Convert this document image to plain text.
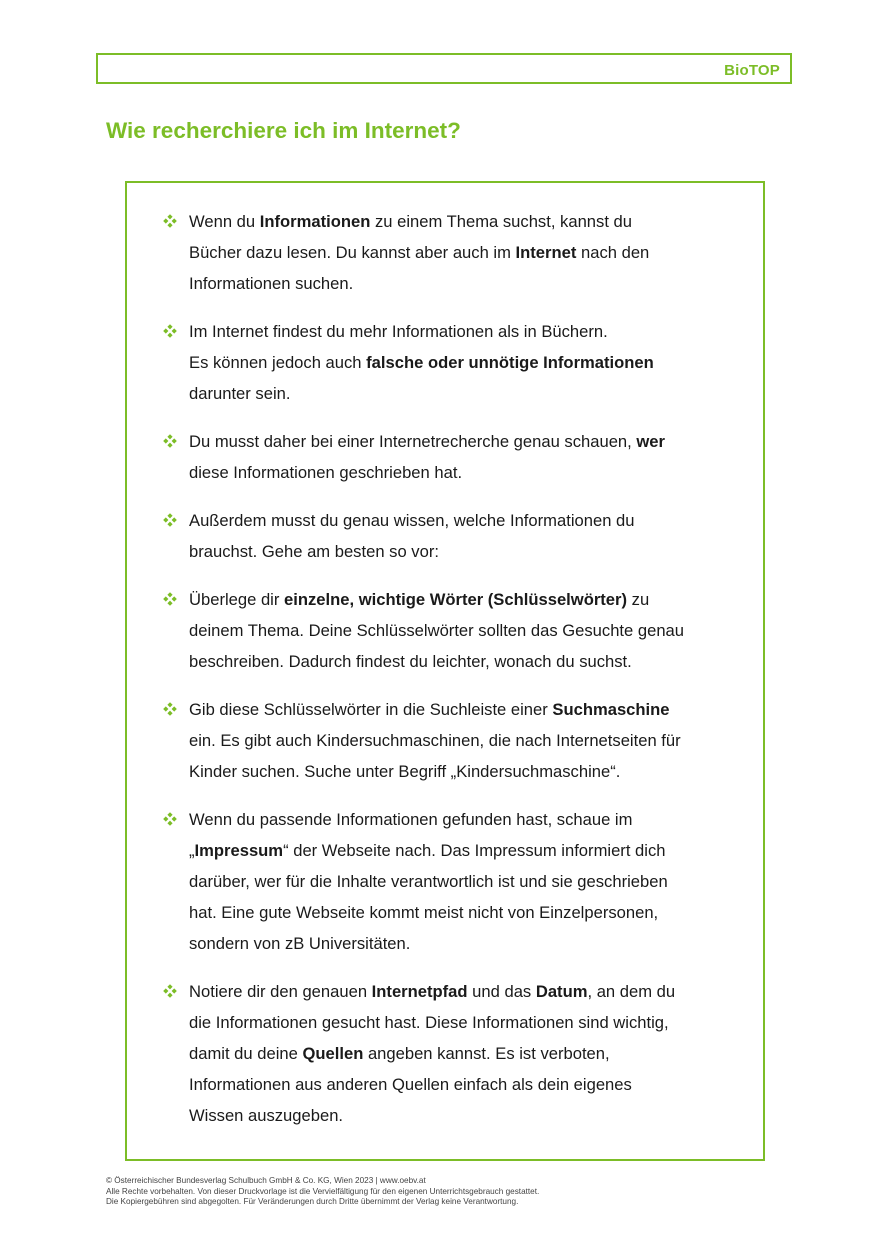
BioTOP
Wie recherchiere ich im Internet?
Wenn du Informationen zu einem Thema suchst, kannst du
Bücher dazu lesen. Du kannst aber auch im Internet nach den
Informationen suchen.
Im Internet findest du mehr Informationen als in Büchern.
Es können jedoch auch falsche oder unnötige Informationen
darunter sein.
Du musst daher bei einer Internetrecherche genau schauen, wer
diese Informationen geschrieben hat.
Außerdem musst du genau wissen, welche Informationen du
brauchst. Gehe am besten so vor:
Überlege dir einzelne, wichtige Wörter (Schlüsselwörter) zu
deinem Thema. Deine Schlüsselwörter sollten das Gesuchte genau
beschreiben. Dadurch findest du leichter, wonach du suchst.
Gib diese Schlüsselwörter in die Suchleiste einer Suchmaschine
ein. Es gibt auch Kindersuchmaschinen, die nach Internetseiten für
Kinder suchen. Suche unter Begriff „Kindersuchmaschine“.
Wenn du passende Informationen gefunden hast, schaue im
„Impressum“ der Webseite nach. Das Impressum informiert dich
darüber, wer für die Inhalte verantwortlich ist und sie geschrieben
hat. Eine gute Webseite kommt meist nicht von Einzelpersonen,
sondern von zB Universitäten.
Notiere dir den genauen Internetpfad und das Datum, an dem du
die Informationen gesucht hast. Diese Informationen sind wichtig,
damit du deine Quellen angeben kannst. Es ist verboten,
Informationen aus anderen Quellen einfach als dein eigenes
Wissen auszugeben.
© Österreichischer Bundesverlag Schulbuch GmbH & Co. KG, Wien 2023 | www.oebv.at
Alle Rechte vorbehalten. Von dieser Druckvorlage ist die Vervielfältigung für den eigenen Unterrichtsgebrauch gestattet.
Die Kopiergebühren sind abgegolten. Für Veränderungen durch Dritte übernimmt der Verlag keine Verantwortung.
